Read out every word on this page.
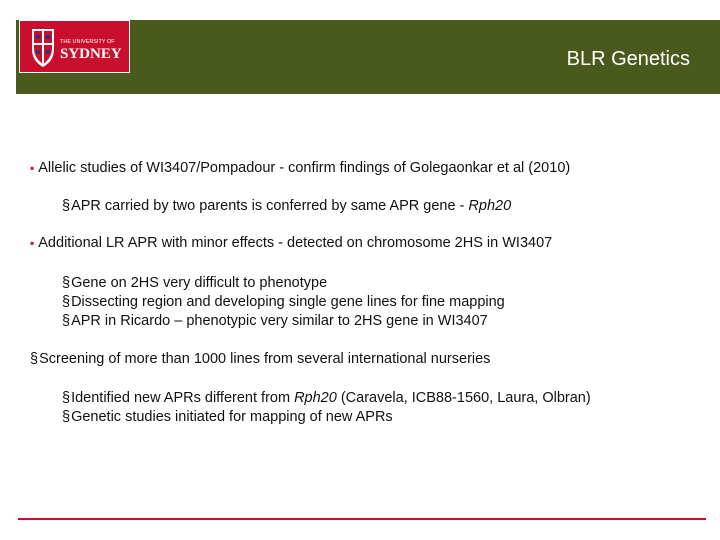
THE UNIVERSITY OF
SYDNEY	BLR Genetics
▪ Allelic studies of WI3407/Pompadour - confirm findings of Golegaonkar et al (2010)
§APR carried by two parents is conferred by same APR gene - Rph20
▪ Additional LR APR with minor effects - detected on chromosome 2HS in WI3407
§Gene on 2HS very difficult to phenotype
§Dissecting region and developing single gene lines for fine mapping
§APR in Ricardo – phenotypic very similar to 2HS gene in WI3407
§Screening of more than 1000 lines from several international nurseries
§Identified new APRs different from Rph20 (Caravela, ICB88-1560, Laura, Olbran)
§Genetic studies initiated for mapping of new APRs
